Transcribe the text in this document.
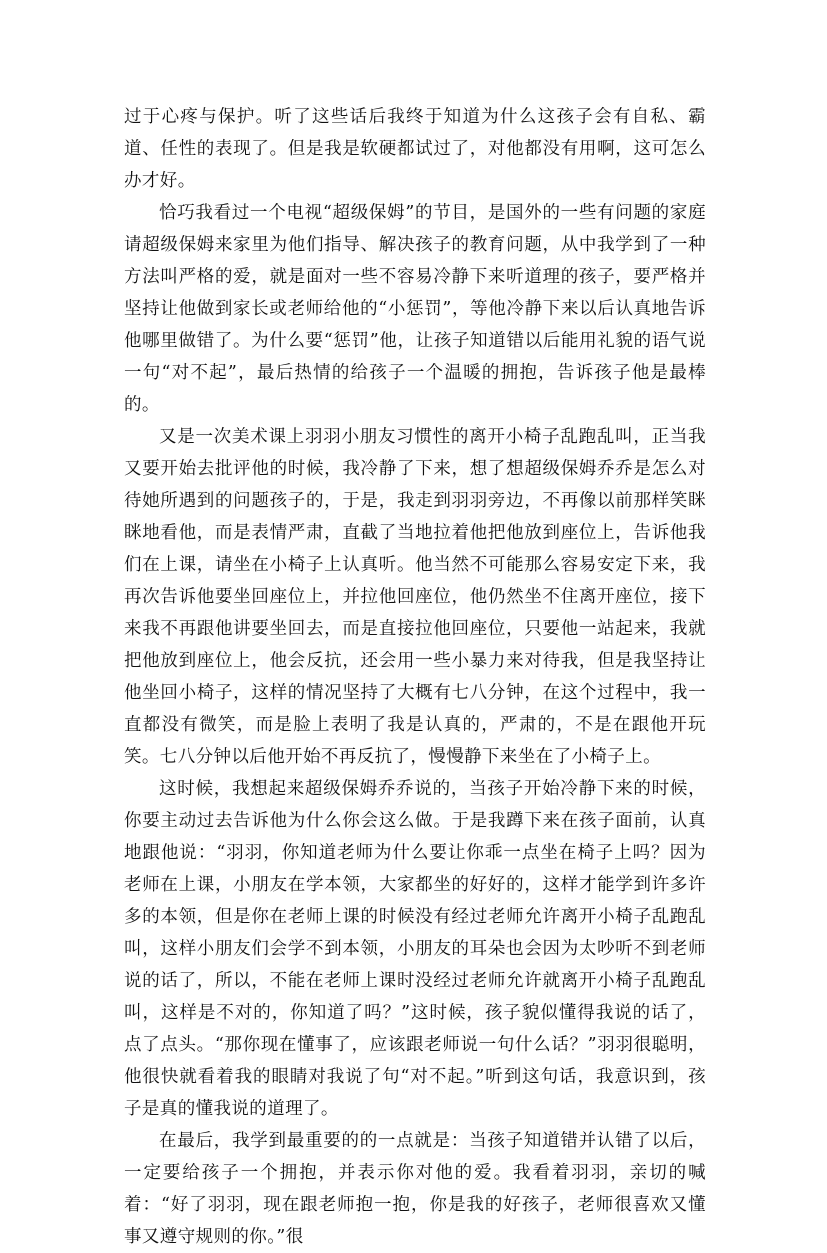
过于心疼与保护。听了这些话后我终于知道为什么这孩子会有自私、霸道、任性的表现了。但是我是软硬都试过了，对他都没有用啊，这可怎么办才好。

恰巧我看过一个电视“超级保姆”的节目，是国外的一些有问题的家庭请超级保姆来家里为他们指导、解决孩子的教育问题，从中我学到了一种方法叫严格的爱，就是面对一些不容易冷静下来听道理的孩子，要严格并坚持让他做到家长或老师给他的“小惩罚”，等他冷静下来以后认真地告诉他哪里做错了。为什么要“惩罚”他，让孩子知道错以后能用礼貌的语气说一句“对不起”，最后热情的给孩子一个温暖的拥抱，告诉孩子他是最棒的。

又是一次美术课上羽羽小朋友习惯性的离开小椅子乱跑乱叫，正当我又要开始去批评他的时候，我冷静了下来，想了想超级保姆乔乔是怎么对待她所遇到的问题孩子的，于是，我走到羽羽旁边，不再像以前那样笑眯眯地看他，而是表情严肃，直截了当地拉着他把他放到座位上，告诉他我们在上课，请坐在小椅子上认真听。他当然不可能那么容易安定下来，我再次告诉他要坐回座位上，并拉他回座位，他仍然坐不住离开座位，接下来我不再跟他讲要坐回去，而是直接拉他回座位，只要他一站起来，我就把他放到座位上，他会反抗，还会用一些小暴力来对待我，但是我坚持让他坐回小椅子，这样的情况坚持了大概有七八分钟，在这个过程中，我一直都没有微笑，而是脸上表明了我是认真的，严肃的，不是在跟他开玩笑。七八分钟以后他开始不再反抗了，慢慢静下来坐在了小椅子上。

这时候，我想起来超级保姆乔乔说的，当孩子开始冷静下来的时候，你要主动过去告诉他为什么你会这么做。于是我蹲下来在孩子面前，认真地跟他说：“羽羽，你知道老师为什么要让你乖一点坐在椅子上吗？因为老师在上课，小朋友在学本领，大家都坐的好好的，这样才能学到许多许多的本领，但是你在老师上课的时候没有经过老师允许离开小椅子乱跑乱叫，这样小朋友们会学不到本领，小朋友的耳朵也会因为太吵听不到老师说的话了，所以，不能在老师上课时没经过老师允许就离开小椅子乱跑乱叫，这样是不对的，你知道了吗？”这时候，孩子貌似懂得我说的话了，点了点头。“那你现在懂事了，应该跟老师说一句什么话？”羽羽很聪明，他很快就看着我的眼睛对我说了句“对不起。”听到这句话，我意识到，孩子是真的懂我说的道理了。

在最后，我学到最重要的的一点就是：当孩子知道错并认错了以后，一定要给孩子一个拥抱，并表示你对他的爱。我看着羽羽，亲切的喊着：“好了羽羽，现在跟老师抱一抱，你是我的好孩子，老师很喜欢又懂事又遵守规则的你。”很
